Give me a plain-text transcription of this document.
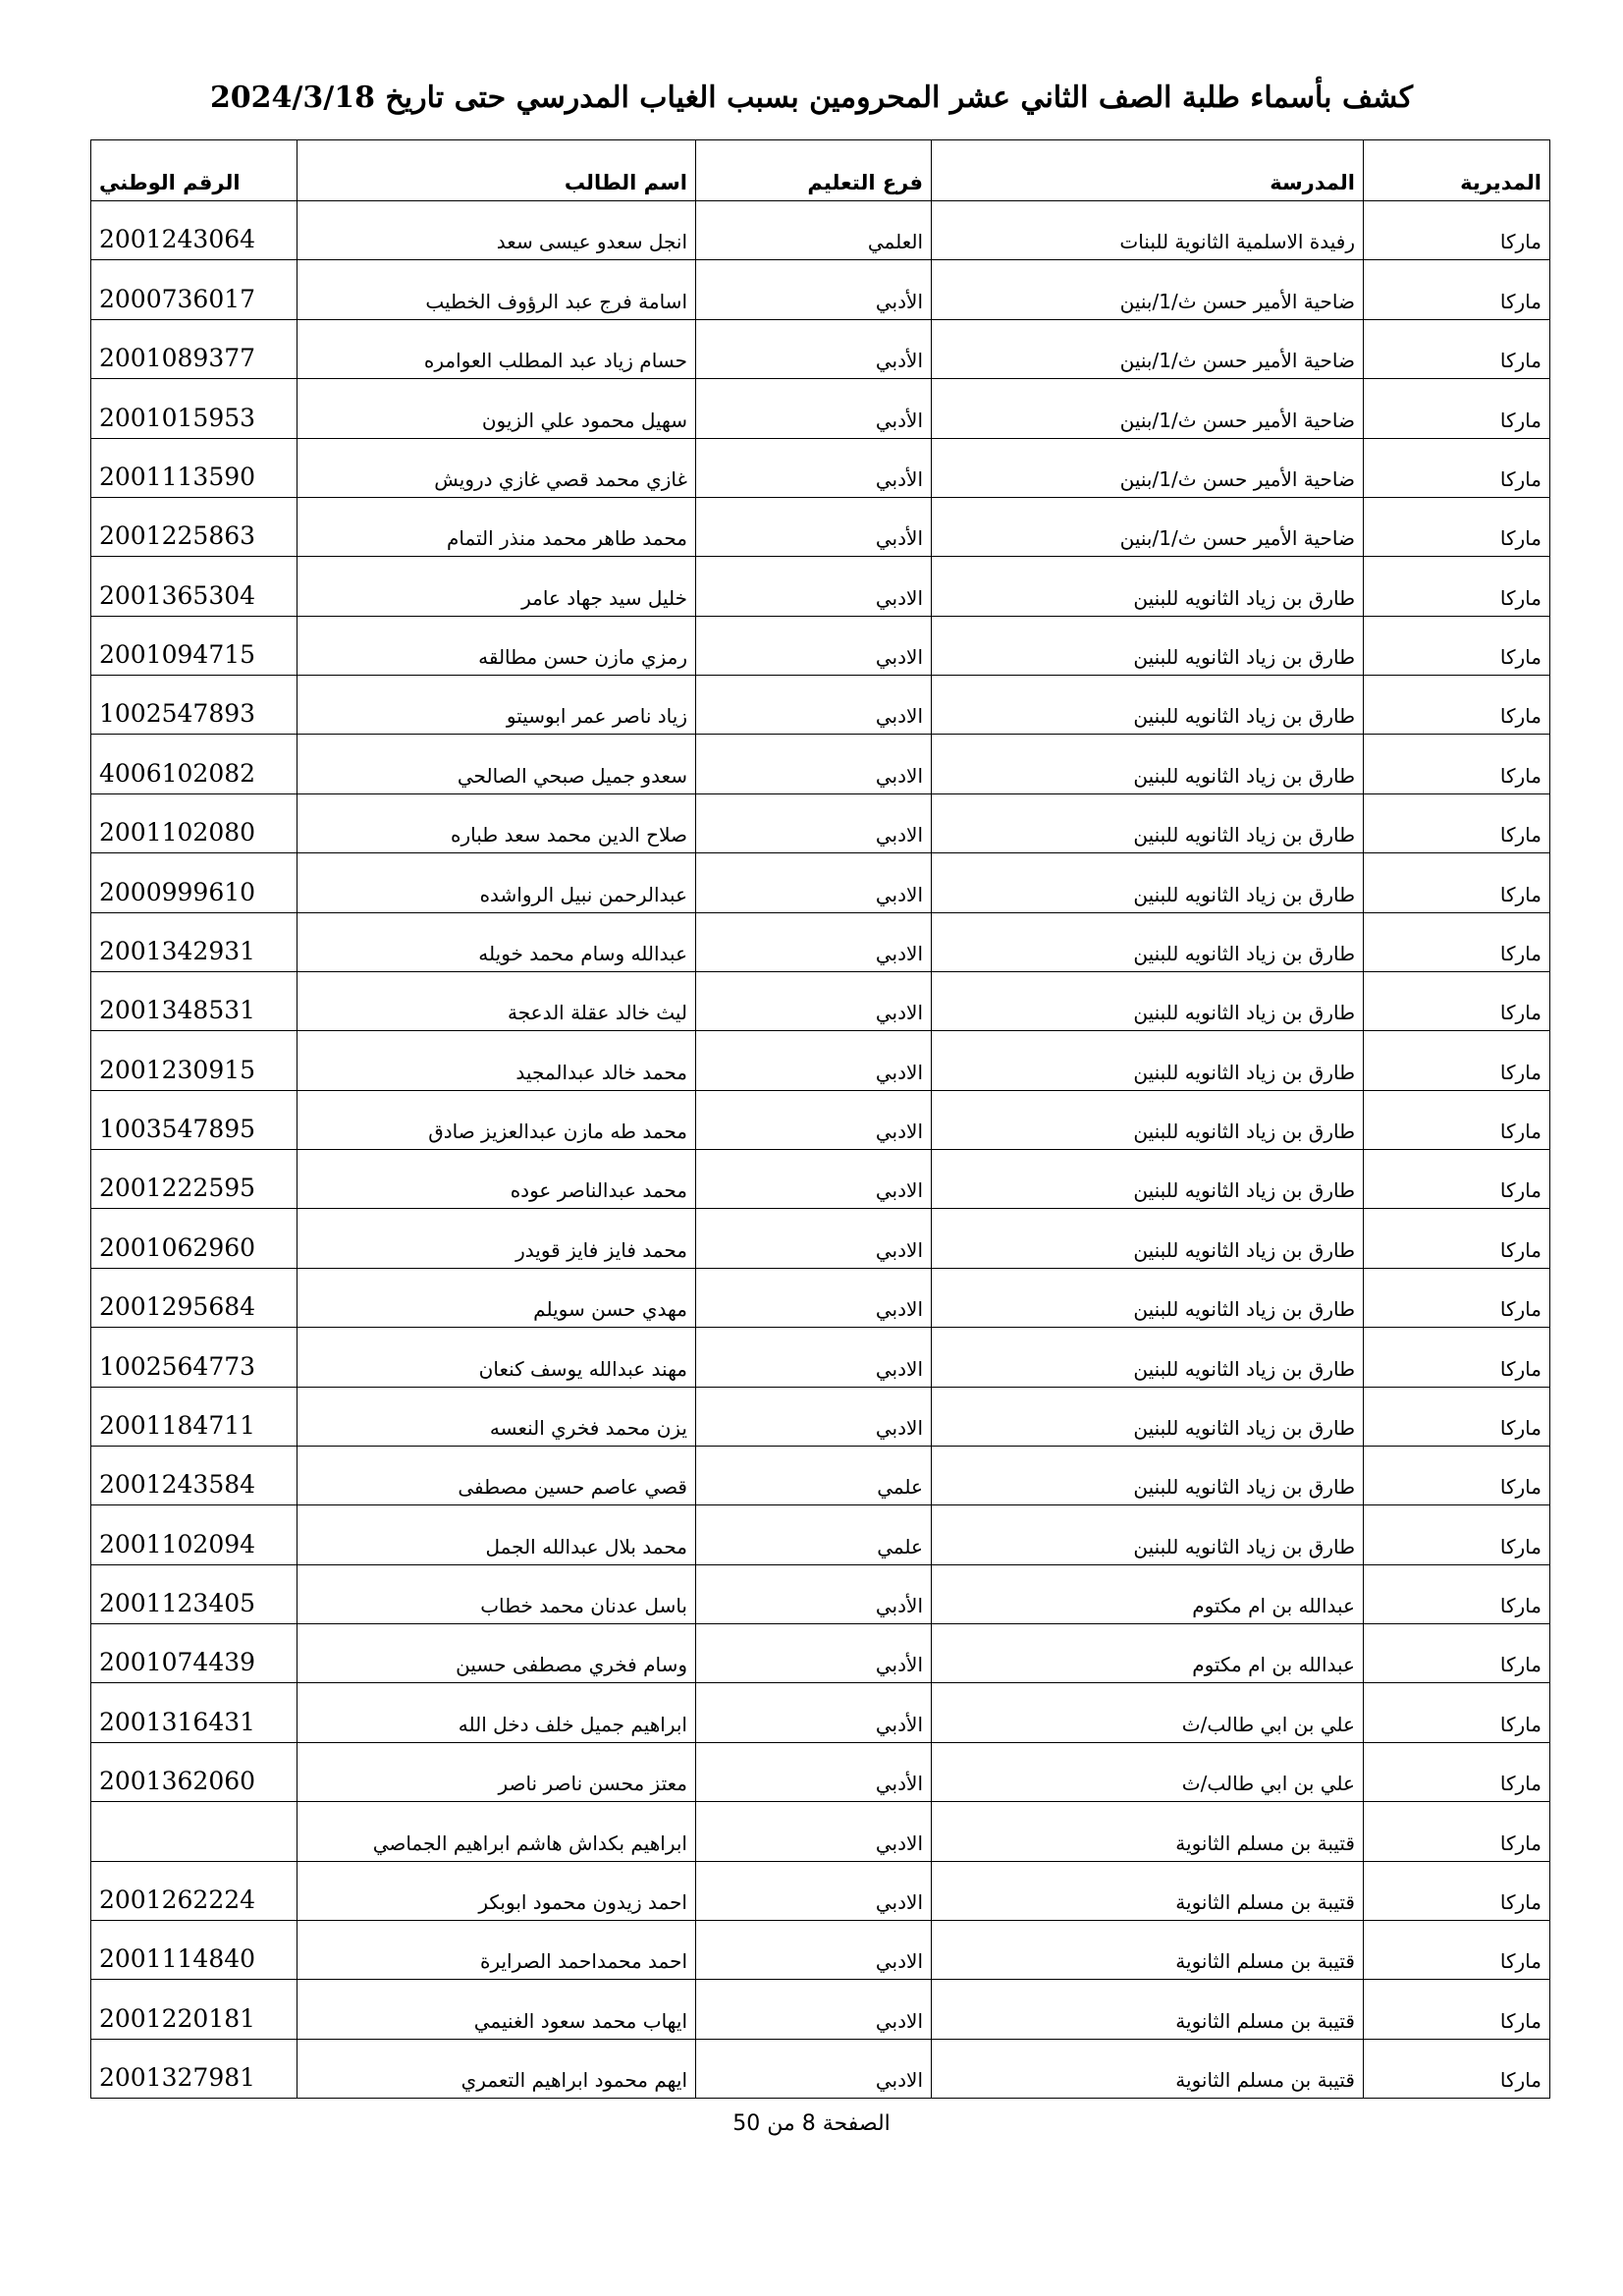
كشف بأسماء طلبة الصف الثاني عشر المحرومين بسبب الغياب المدرسي حتى تاريخ 2024/3/18
المديرية	المدرسة	فرع التعليم	اسم الطالب	الرقم الوطني
ماركا	رفيدة الاسلمية الثانوية للبنات	العلمي	انجل سعدو عيسى سعد	2001243064
ماركا	ضاحية الأمير حسن ث/1/بنين	الأدبي	اسامة فرج عبد الرؤوف الخطيب	2000736017
ماركا	ضاحية الأمير حسن ث/1/بنين	الأدبي	حسام زياد عبد المطلب العوامره	2001089377
ماركا	ضاحية الأمير حسن ث/1/بنين	الأدبي	سهيل محمود علي الزيون	2001015953
ماركا	ضاحية الأمير حسن ث/1/بنين	الأدبي	غازي محمد قصي غازي درويش	2001113590
ماركا	ضاحية الأمير حسن ث/1/بنين	الأدبي	محمد طاهر محمد منذر التمام	2001225863
ماركا	طارق بن زياد الثانويه للبنين	الادبي	خليل سيد جهاد عامر	2001365304
ماركا	طارق بن زياد الثانويه للبنين	الادبي	رمزي مازن حسن مطالقه	2001094715
ماركا	طارق بن زياد الثانويه للبنين	الادبي	زياد ناصر عمر ابوسيتو	1002547893
ماركا	طارق بن زياد الثانويه للبنين	الادبي	سعدو جميل صبحي الصالحي	4006102082
ماركا	طارق بن زياد الثانويه للبنين	الادبي	صلاح الدين محمد سعد طباره	2001102080
ماركا	طارق بن زياد الثانويه للبنين	الادبي	عبدالرحمن نبيل الرواشده	2000999610
ماركا	طارق بن زياد الثانويه للبنين	الادبي	عبدالله وسام محمد خويله	2001342931
ماركا	طارق بن زياد الثانويه للبنين	الادبي	ليث خالد عقلة الدعجة	2001348531
ماركا	طارق بن زياد الثانويه للبنين	الادبي	محمد خالد عبدالمجيد	2001230915
ماركا	طارق بن زياد الثانويه للبنين	الادبي	محمد طه مازن عبدالعزيز صادق	1003547895
ماركا	طارق بن زياد الثانويه للبنين	الادبي	محمد عبدالناصر عوده	2001222595
ماركا	طارق بن زياد الثانويه للبنين	الادبي	محمد فايز فايز قويدر	2001062960
ماركا	طارق بن زياد الثانويه للبنين	الادبي	مهدي حسن سويلم	2001295684
ماركا	طارق بن زياد الثانويه للبنين	الادبي	مهند عبدالله يوسف كنعان	1002564773
ماركا	طارق بن زياد الثانويه للبنين	الادبي	يزن محمد فخري النعسه	2001184711
ماركا	طارق بن زياد الثانويه للبنين	علمي	قصي عاصم حسين مصطفى	2001243584
ماركا	طارق بن زياد الثانويه للبنين	علمي	محمد بلال عبدالله الجمل	2001102094
ماركا	عبدالله بن ام مكتوم	الأدبي	باسل عدنان محمد خطاب	2001123405
ماركا	عبدالله بن ام مكتوم	الأدبي	وسام فخري مصطفى حسين	2001074439
ماركا	علي بن ابي طالب/ث	الأدبي	ابراهيم جميل خلف دخل الله	2001316431
ماركا	علي بن ابي طالب/ث	الأدبي	معتز محسن ناصر ناصر	2001362060
ماركا	قتيبة بن مسلم الثانوية	الادبي	ابراهيم بكداش هاشم ابراهيم الجماصي	
ماركا	قتيبة بن مسلم الثانوية	الادبي	احمد زيدون محمود ابوبكر	2001262224
ماركا	قتيبة بن مسلم الثانوية	الادبي	احمد محمداحمد الصرايرة	2001114840
ماركا	قتيبة بن مسلم الثانوية	الادبي	ايهاب محمد سعود الغنيمي	2001220181
ماركا	قتيبة بن مسلم الثانوية	الادبي	ايهم محمود ابراهيم التعمري	2001327981
الصفحة 8 من 50
